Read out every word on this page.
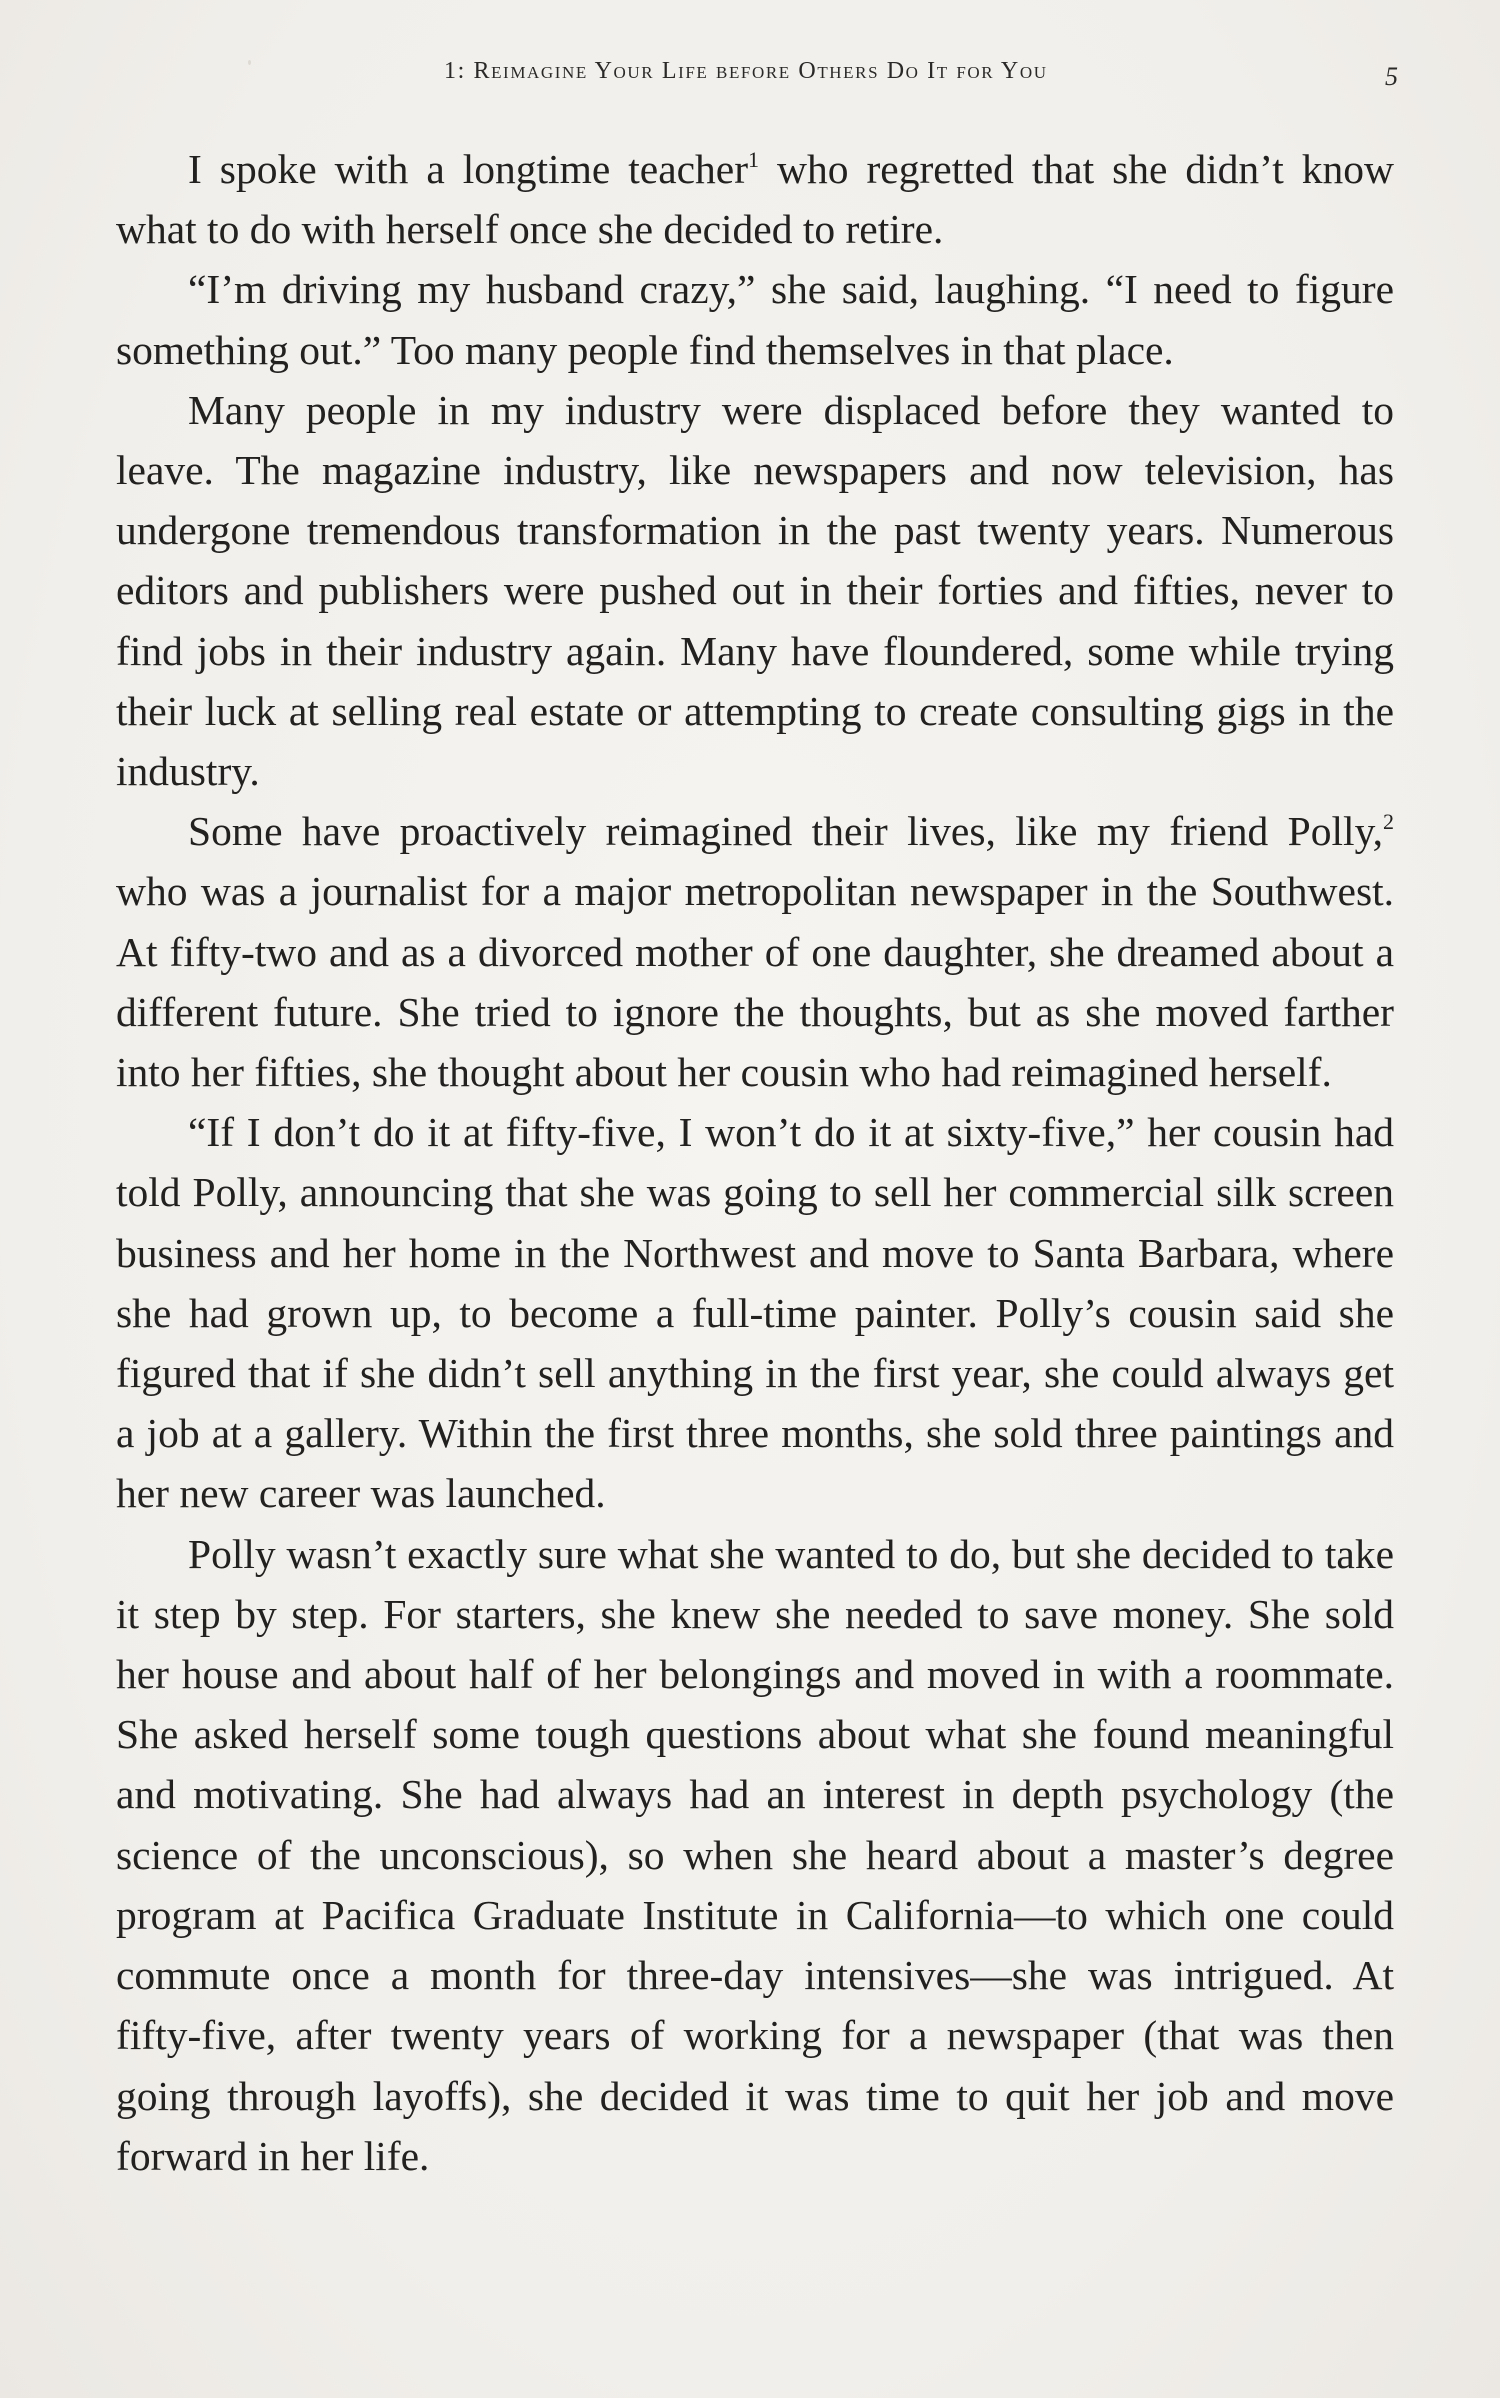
1: Reimagine Your Life before Others Do It for You	5

I spoke with a longtime teacher$^1$ who regretted that she didn’t know what to do with herself once she decided to retire.

“I’m driving my husband crazy,” she said, laughing. “I need to figure something out.” Too many people find themselves in that place.

Many people in my industry were displaced before they wanted to leave. The magazine industry, like newspapers and now television, has undergone tremendous transformation in the past twenty years. Numerous editors and publishers were pushed out in their forties and fifties, never to find jobs in their industry again. Many have floundered, some while trying their luck at selling real estate or attempting to create consulting gigs in the industry.

Some have proactively reimagined their lives, like my friend Polly,$^2$ who was a journalist for a major metropolitan newspaper in the Southwest. At fifty-two and as a divorced mother of one daughter, she dreamed about a different future. She tried to ignore the thoughts, but as she moved farther into her fifties, she thought about her cousin who had reimagined herself.

“If I don’t do it at fifty-five, I won’t do it at sixty-five,” her cousin had told Polly, announcing that she was going to sell her commercial silk screen business and her home in the Northwest and move to Santa Barbara, where she had grown up, to become a full-time painter. Polly’s cousin said she figured that if she didn’t sell anything in the first year, she could always get a job at a gallery. Within the first three months, she sold three paintings and her new career was launched.

Polly wasn’t exactly sure what she wanted to do, but she decided to take it step by step. For starters, she knew she needed to save money. She sold her house and about half of her belongings and moved in with a roommate. She asked herself some tough questions about what she found meaningful and motivating. She had always had an interest in depth psychology (the science of the unconscious), so when she heard about a master’s degree program at Pacifica Graduate Institute in California—to which one could commute once a month for three-day intensives—she was intrigued. At fifty-five, after twenty years of working for a newspaper (that was then going through layoffs), she decided it was time to quit her job and move forward in her life.
